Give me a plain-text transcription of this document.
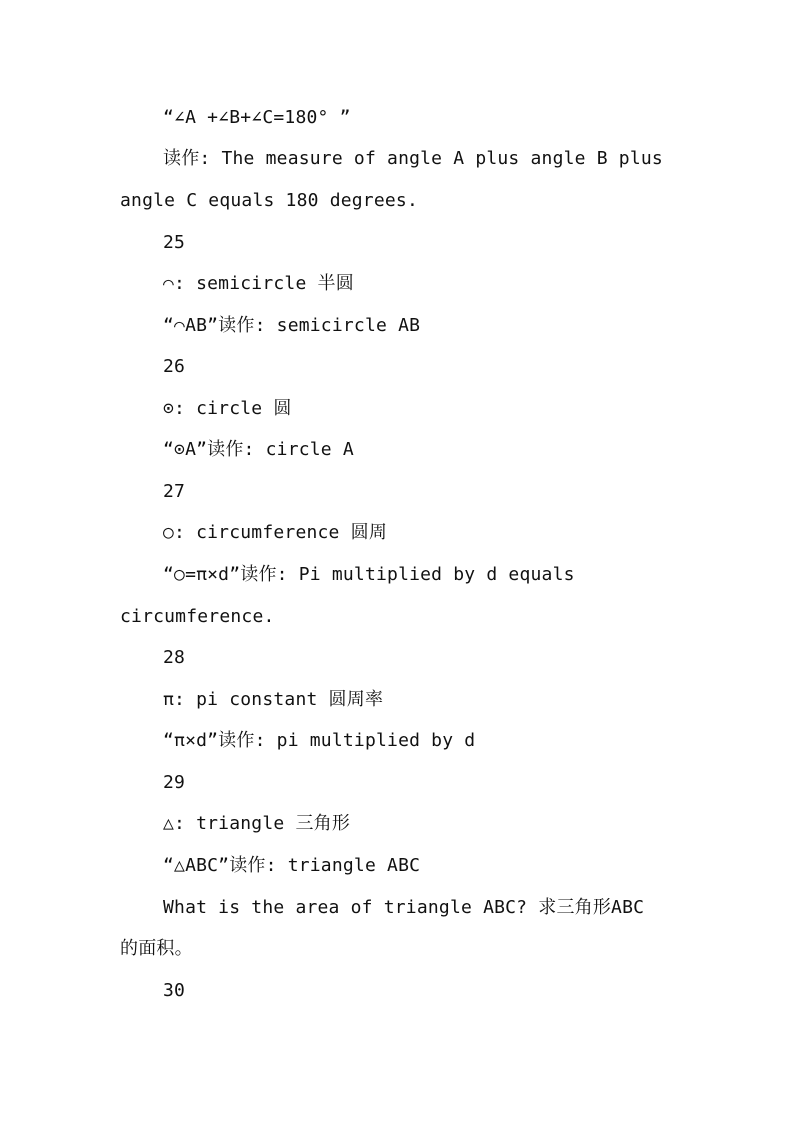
“∠A +∠B+∠C=180° ”
读作: The measure of angle A plus angle B plus
angle C equals 180 degrees.
25
⌒: semicircle 半圆
“⌒AB”读作: semicircle AB
26
⊙: circle 圆
“⊙A”读作: circle A
27
○: circumference 圆周
“○=π×d”读作: Pi multiplied by d equals
circumference.
28
π: pi constant 圆周率
“π×d”读作: pi multiplied by d
29
△: triangle 三角形
“△ABC”读作: triangle ABC
What is the area of triangle ABC? 求三角形ABC
的面积。
30
